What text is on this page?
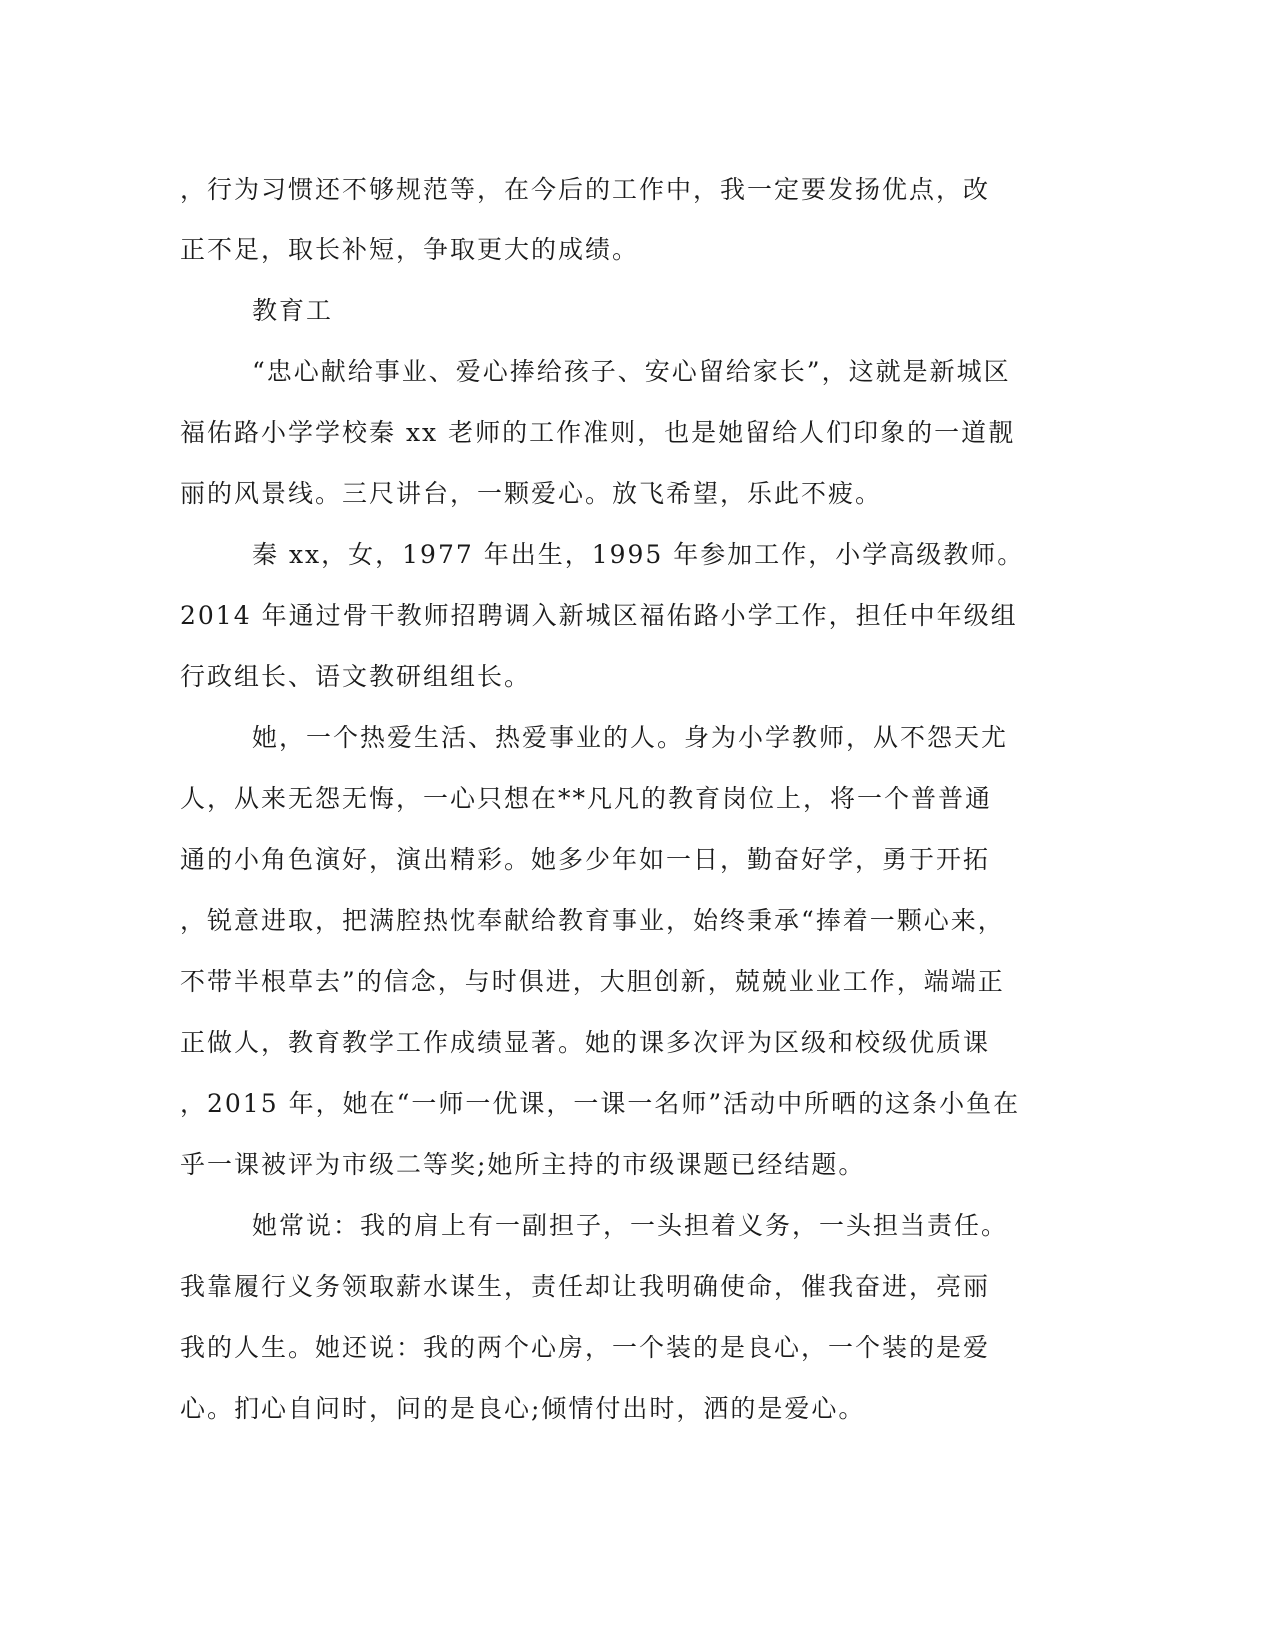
，行为习惯还不够规范等，在今后的工作中，我一定要发扬优点，改

正不足，取长补短，争取更大的成绩。

教育工

“忠心献给事业、爱心捧给孩子、安心留给家长”，这就是新城区

福佑路小学学校秦 xx 老师的工作准则，也是她留给人们印象的一道靓

丽的风景线。三尺讲台，一颗爱心。放飞希望，乐此不疲。

秦 xx，女，1977 年出生，1995 年参加工作，小学高级教师。

2014 年通过骨干教师招聘调入新城区福佑路小学工作，担任中年级组

行政组长、语文教研组组长。

她，一个热爱生活、热爱事业的人。身为小学教师，从不怨天尤

人，从来无怨无悔，一心只想在**凡凡的教育岗位上，将一个普普通

通的小角色演好，演出精彩。她多少年如一日，勤奋好学，勇于开拓

，锐意进取，把满腔热忱奉献给教育事业，始终秉承“捧着一颗心来，

不带半根草去”的信念，与时俱进，大胆创新，兢兢业业工作，端端正

正做人，教育教学工作成绩显著。她的课多次评为区级和校级优质课

，2015 年，她在“一师一优课，一课一名师”活动中所晒的这条小鱼在

乎一课被评为市级二等奖;她所主持的市级课题已经结题。

她常说：我的肩上有一副担子，一头担着义务，一头担当责任。

我靠履行义务领取薪水谋生，责任却让我明确使命，催我奋进，亮丽

我的人生。她还说：我的两个心房，一个装的是良心，一个装的是爱

心。扪心自问时，问的是良心;倾情付出时，洒的是爱心。
